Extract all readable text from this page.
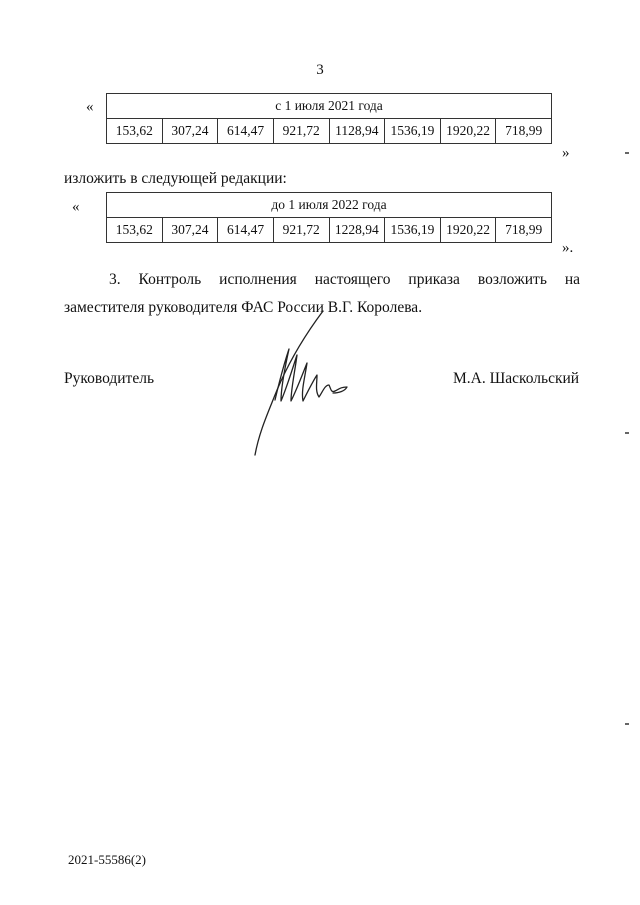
3
«	с 1 июля 2021 года
153,62	307,24	614,47	921,72	1128,94 1536,19 1920,22	718,99
»
изложить в следующей редакции:
«	до 1 июля 2022 года
153,62	307,24	614,47	921,72	1228,94 1536,19 1920,22	718,99
».
3. Контроль исполнения настоящего приказа возложить на заместителя руководителя ФАС России В.Г. Королева.
Руководитель	М.А. Шаскольский
2021-55586(2)
